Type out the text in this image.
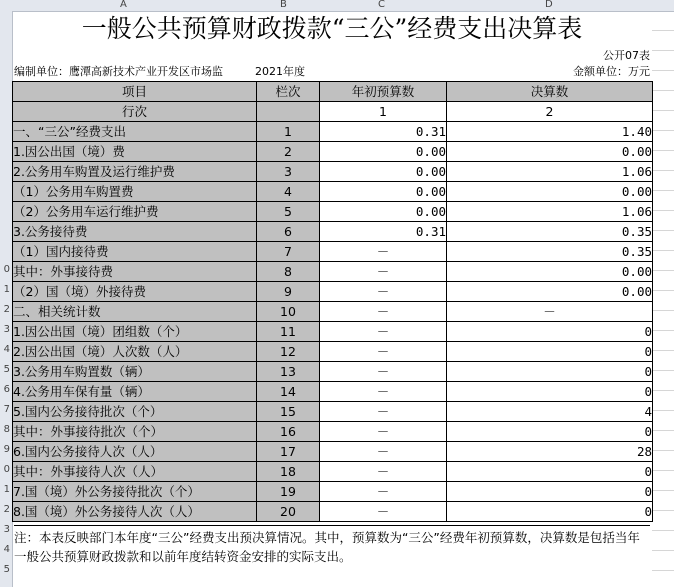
A	B	C	D
0
1
2
3
4
5
6
7
8
9
0
1
2
3
4
5
一般公共预算财政拨款“三公”经费支出决算表
公开07表
编制单位：鹰潭高新技术产业开发区市场监	2021年度	金额单位：万元
项目	栏次	年初预算数	决算数
行次		1	2
一、“三公”经费支出	1	0.31	1.40
1.因公出国（境）费	2	0.00	0.00
2.公务用车购置及运行维护费	3	0.00	1.06
（1）公务用车购置费	4	0.00	0.00
（2）公务用车运行维护费	5	0.00	1.06
3.公务接待费	6	0.31	0.35
（1）国内接待费	7	－	0.35
其中：外事接待费	8	－	0.00
（2）国（境）外接待费	9	－	0.00
二、相关统计数	10	－	－
1.因公出国（境）团组数（个）	11	－	0
2.因公出国（境）人次数（人）	12	－	0
3.公务用车购置数（辆）	13	－	0
4.公务用车保有量（辆）	14	－	0
5.国内公务接待批次（个）	15	－	4
其中：外事接待批次（个）	16	－	0
6.国内公务接待人次（人）	17	－	28
其中：外事接待人次（人）	18	－	0
7.国（境）外公务接待批次（个）	19	－	0
8.国（境）外公务接待人次（人）	20	－	0
注：本表反映部门本年度“三公”经费支出预决算情况。其中，预算数为“三公”经费年初预算数，决算数是包括当年一般公共预算财政拨款和以前年度结转资金安排的实际支出。
